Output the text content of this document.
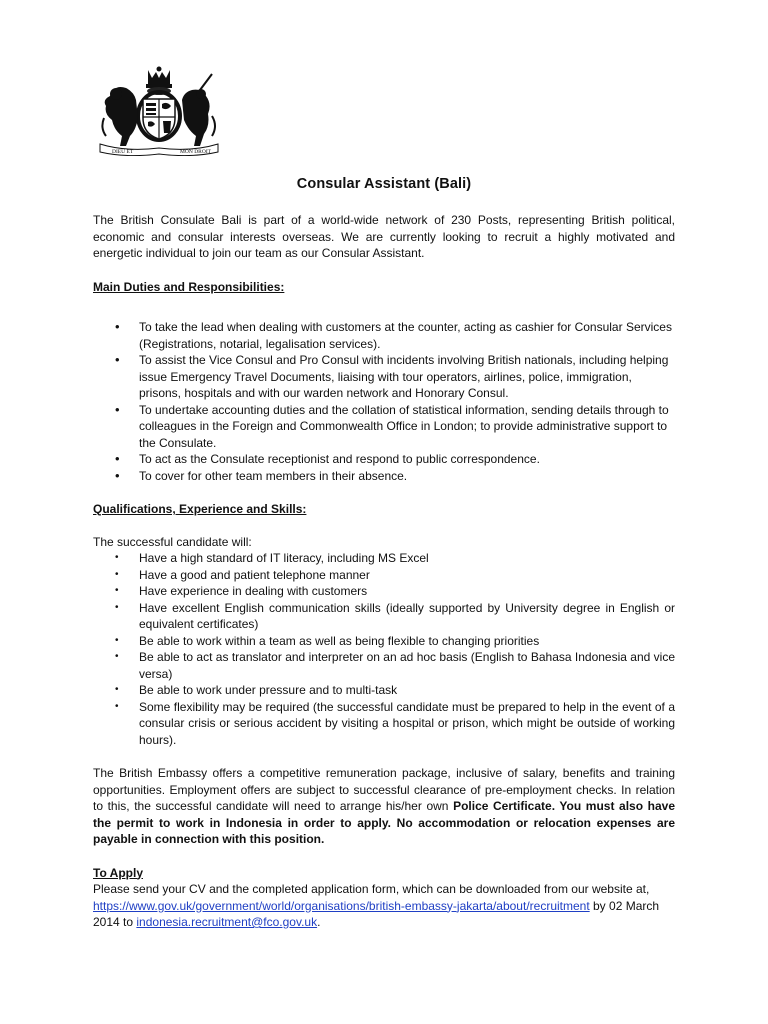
DIEU ET	MON DROIT
Consular Assistant (Bali)

The British Consulate Bali is part of a world-wide network of 230 Posts, representing British political, economic and consular interests overseas. We are currently looking to recruit a highly motivated and energetic individual to join our team as our Consular Assistant.

Main Duties and Responsibilities:

• To take the lead when dealing with customers at the counter, acting as cashier for Consular Services (Registrations, notarial, legalisation services).
• To assist the Vice Consul and Pro Consul with incidents involving British nationals, including helping issue Emergency Travel Documents, liaising with tour operators, airlines, police, immigration, prisons, hospitals and with our warden network and Honorary Consul.
• To undertake accounting duties and the collation of statistical information, sending details through to colleagues in the Foreign and Commonwealth Office in London; to provide administrative support to the Consulate.
• To act as the Consulate receptionist and respond to public correspondence.
• To cover for other team members in their absence.

Qualifications, Experience and Skills:

The successful candidate will:

• Have a high standard of IT literacy, including MS Excel
• Have a good and patient telephone manner
• Have experience in dealing with customers
• Have excellent English communication skills (ideally supported by University degree in English or equivalent certificates)
• Be able to work within a team as well as being flexible to changing priorities
• Be able to act as translator and interpreter on an ad hoc basis (English to Bahasa Indonesia and vice versa)
• Be able to work under pressure and to multi-task
• Some flexibility may be required (the successful candidate must be prepared to help in the event of a consular crisis or serious accident by visiting a hospital or prison, which might be outside of working hours).

The British Embassy offers a competitive remuneration package, inclusive of salary, benefits and training opportunities. Employment offers are subject to successful clearance of pre-employment checks. In relation to this, the successful candidate will need to arrange his/her own Police Certificate. You must also have the permit to work in Indonesia in order to apply. No accommodation or relocation expenses are payable in connection with this position.

To Apply

Please send your CV and the completed application form, which can be downloaded from our website at, https://www.gov.uk/government/world/organisations/british-embassy-jakarta/about/recruitment by 02 March 2014 to indonesia.recruitment@fco.gov.uk.
